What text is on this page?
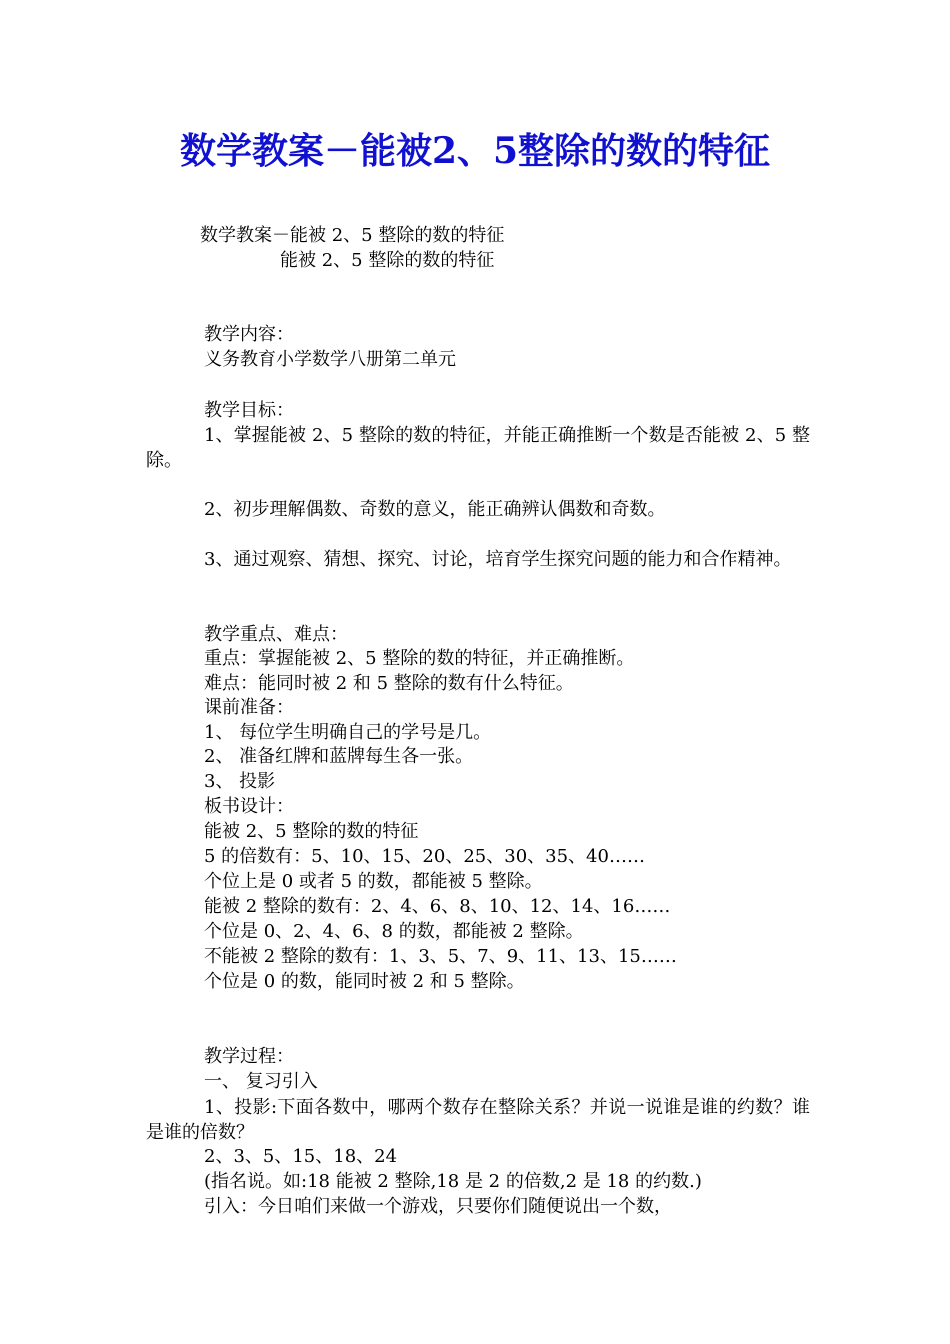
数学教案－能被2、5整除的数的特征

数学教案－能被 2、5 整除的数的特征

能被 2、5 整除的数的特征

教学内容：

义务教育小学数学八册第二单元

教学目标：

1、掌握能被 2、5 整除的数的特征，并能正确推断一个数是否能被 2、5 整除。

2、初步理解偶数、奇数的意义，能正确辨认偶数和奇数。

3、通过观察、猜想、探究、讨论，培育学生探究问题的能力和合作精神。

教学重点、难点：

重点：掌握能被 2、5 整除的数的特征，并正确推断。

难点：能同时被 2 和 5 整除的数有什么特征。

课前准备：

1、 每位学生明确自己的学号是几。

2、 准备红牌和蓝牌每生各一张。

3、 投影

板书设计：

能被 2、5 整除的数的特征

5 的倍数有：5、10、15、20、25、30、35、40……

个位上是 0 或者 5 的数，都能被 5 整除。

能被 2 整除的数有：2、4、6、8、10、12、14、16……

个位是 0、2、4、6、8 的数，都能被 2 整除。

不能被 2 整除的数有：1、3、5、7、9、11、13、15……

个位是 0 的数，能同时被 2 和 5 整除。

教学过程：

一、 复习引入

1、投影:下面各数中，哪两个数存在整除关系？并说一说谁是谁的约数？谁是谁的倍数？

2、3、5、15、18、24

(指名说。如:18 能被 2 整除,18 是 2 的倍数,2 是 18 的约数.)

引入：今日咱们来做一个游戏，只要你们随便说出一个数，
